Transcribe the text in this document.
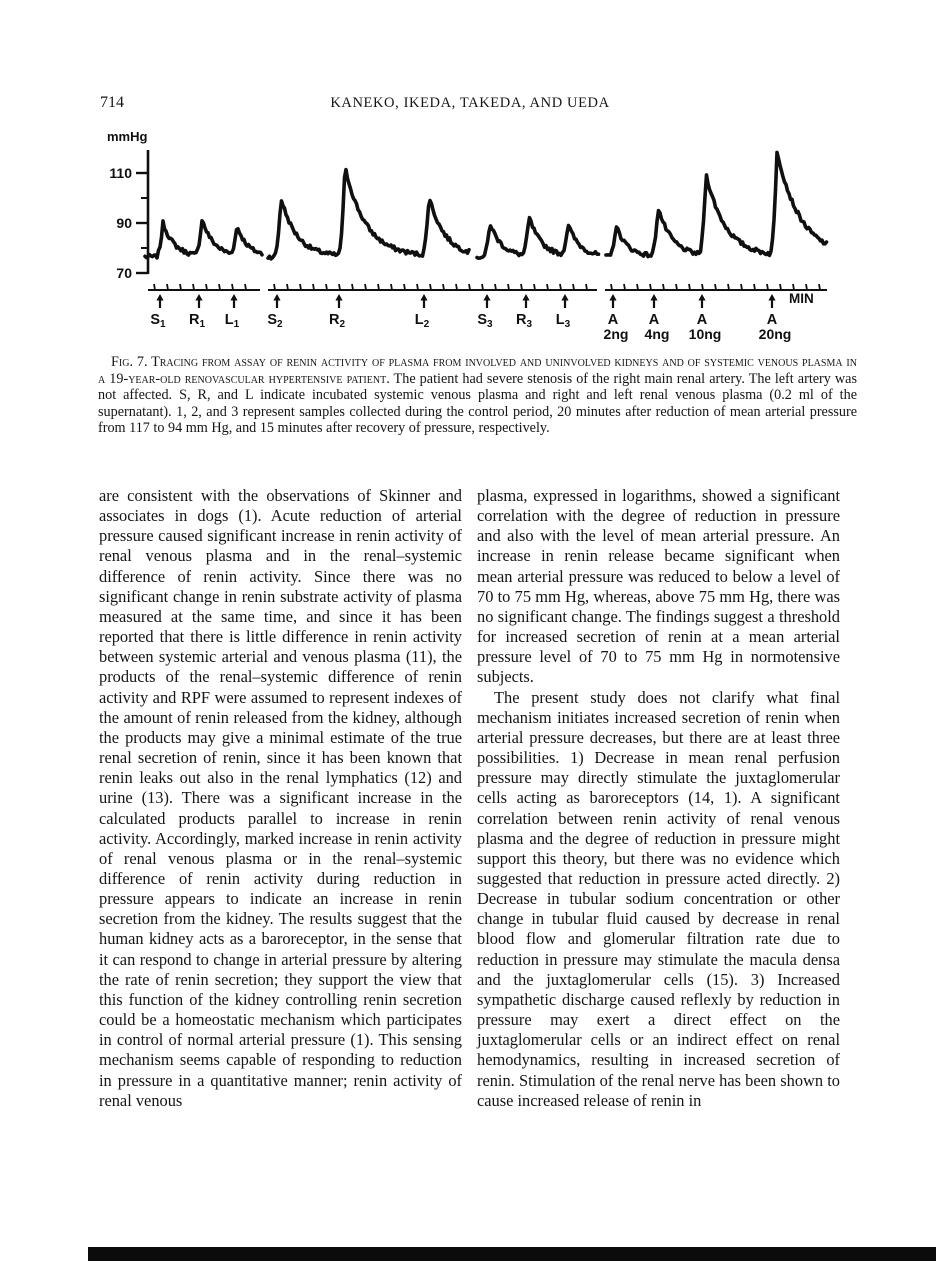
714	KANEKO, IKEDA, TAKEDA, AND UEDA
110
90
70
mmHg
MIN
$S_1$ $R_1$ $L_1$ $S_2$	$R_2$	$L_2$	$S_3$ $R_3$ $L_3$	A
2ng
A
4ng
A
10ng
A
20ng

Fig. 7. Tracing from assay of renin activity of plasma from involved and uninvolved kidneys and of systemic venous plasma in a 19-year-old renovascular hypertensive patient. The patient had severe stenosis of the right main renal artery. The left artery was not affected. S, R, and L indicate incubated systemic venous plasma and right and left renal venous plasma (0.2 ml of the supernatant). 1, 2, and 3 represent samples collected during the control period, 20 minutes after reduction of mean arterial pressure from 117 to 94 mm Hg, and 15 minutes after recovery of pressure, respectively.

are consistent with the observations of Skinner and associates in dogs (1). Acute reduction of arterial pressure caused significant increase in renin activity of renal venous plasma and in the renal–systemic difference of renin activity. Since there was no significant change in renin substrate activity of plasma measured at the same time, and since it has been reported that there is little difference in renin activity between systemic arterial and venous plasma (11), the products of the renal–systemic difference of renin activity and RPF were assumed to represent indexes of the amount of renin released from the kidney, although the products may give a minimal estimate of the true renal secretion of renin, since it has been known that renin leaks out also in the renal lymphatics (12) and urine (13). There was a significant increase in the calculated products parallel to increase in renin activity. Accordingly, marked increase in renin activity of renal venous plasma or in the renal–systemic difference of renin activity during reduction in pressure appears to indicate an increase in renin secretion from the kidney. The results suggest that the human kidney acts as a baroreceptor, in the sense that it can respond to change in arterial pressure by altering the rate of renin secretion; they support the view that this function of the kidney controlling renin secretion could be a homeostatic mechanism which participates in control of normal arterial pressure (1). This sensing mechanism seems capable of responding to reduction in pressure in a quantitative manner; renin activity of renal venous

plasma, expressed in logarithms, showed a significant correlation with the degree of reduction in pressure and also with the level of mean arterial pressure. An increase in renin release became significant when mean arterial pressure was reduced to below a level of 70 to 75 mm Hg, whereas, above 75 mm Hg, there was no significant change. The findings suggest a threshold for increased secretion of renin at a mean arterial pressure level of 70 to 75 mm Hg in normotensive subjects.

The present study does not clarify what final mechanism initiates increased secretion of renin when arterial pressure decreases, but there are at least three possibilities. 1) Decrease in mean renal perfusion pressure may directly stimulate the juxtaglomerular cells acting as baroreceptors (14, 1). A significant correlation between renin activity of renal venous plasma and the degree of reduction in pressure might support this theory, but there was no evidence which suggested that reduction in pressure acted directly. 2) Decrease in tubular sodium concentration or other change in tubular fluid caused by decrease in renal blood flow and glomerular filtration rate due to reduction in pressure may stimulate the macula densa and the juxtaglomerular cells (15). 3) Increased sympathetic discharge caused reflexly by reduction in pressure may exert a direct effect on the juxtaglomerular cells or an indirect effect on renal hemodynamics, resulting in increased secretion of renin. Stimulation of the renal nerve has been shown to cause increased release of renin in
